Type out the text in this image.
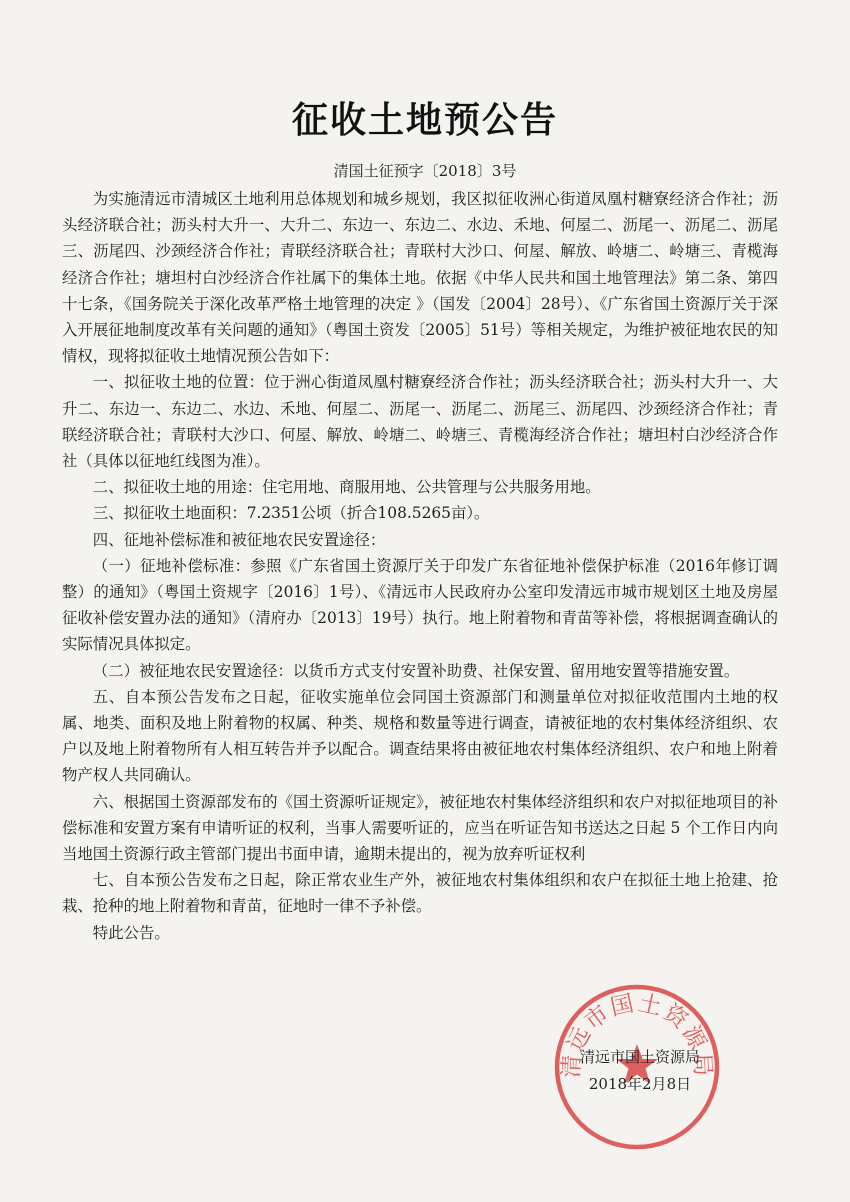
征收土地预公告
清国土征预字〔2018〕3号

为实施清远市清城区土地利用总体规划和城乡规划，我区拟征收洲心街道凤凰村糖寮经济合作社；沥头经济联合社；沥头村大升一、大升二、东边一、东边二、水边、禾地、何屋二、沥尾一、沥尾二、沥尾三、沥尾四、沙颈经济合作社；青联经济联合社；青联村大沙口、何屋、解放、岭塘二、岭塘三、青榄海经济合作社；塘坦村白沙经济合作社属下的集体土地。依据《中华人民共和国土地管理法》第二条、第四十七条，《国务院关于深化改革严格土地管理的决定 》（国发〔2004〕28号）、《广东省国土资源厅关于深入开展征地制度改革有关问题的通知》（粤国土资发〔2005〕51号）等相关规定，为维护被征地农民的知情权，现将拟征收土地情况预公告如下：

一、拟征收土地的位置：位于洲心街道凤凰村糖寮经济合作社；沥头经济联合社；沥头村大升一、大升二、东边一、东边二、水边、禾地、何屋二、沥尾一、沥尾二、沥尾三、沥尾四、沙颈经济合作社；青联经济联合社；青联村大沙口、何屋、解放、岭塘二、岭塘三、青榄海经济合作社；塘坦村白沙经济合作社（具体以征地红线图为准）。

二、拟征收土地的用途：住宅用地、商服用地、公共管理与公共服务用地。

三、拟征收土地面积：7.2351公顷（折合108.5265亩）。

四、征地补偿标准和被征地农民安置途径：

（一）征地补偿标准：参照《广东省国土资源厅关于印发广东省征地补偿保护标准（2016年修订调整）的通知》（粤国土资规字〔2016〕1号）、《清远市人民政府办公室印发清远市城市规划区土地及房屋征收补偿安置办法的通知》（清府办〔2013〕19号）执行。地上附着物和青苗等补偿，将根据调查确认的实际情况具体拟定。

（二）被征地农民安置途径：以货币方式支付安置补助费、社保安置、留用地安置等措施安置。

五、自本预公告发布之日起，征收实施单位会同国土资源部门和测量单位对拟征收范围内土地的权属、地类、面积及地上附着物的权属、种类、规格和数量等进行调查，请被征地的农村集体经济组织、农户以及地上附着物所有人相互转告并予以配合。调查结果将由被征地农村集体经济组织、农户和地上附着物产权人共同确认。

六、根据国土资源部发布的《国土资源听证规定》，被征地农村集体经济组织和农户对拟征地项目的补偿标准和安置方案有申请听证的权利，当事人需要听证的，应当在听证告知书送达之日起 5 个工作日内向当地国土资源行政主管部门提出书面申请，逾期未提出的，视为放弃听证权利

七、自本预公告发布之日起，除正常农业生产外，被征地农村集体组织和农户在拟征土地上抢建、抢栽、抢种的地上附着物和青苗，征地时一律不予补偿。

特此公告。

清远市国土资源局
清远市国土资源局
2018年2月8日
